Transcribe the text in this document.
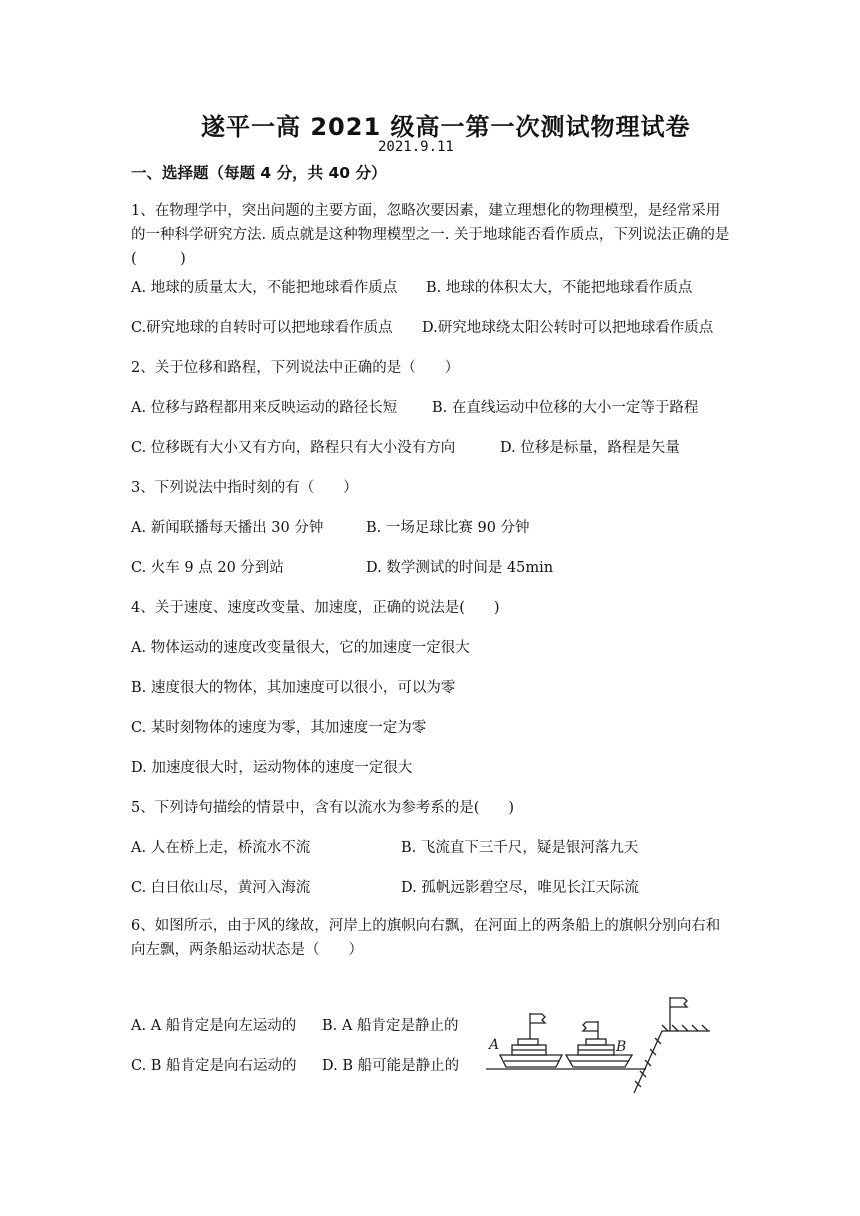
遂平一高 2021 级高一第一次测试物理试卷
2021.9.11
一、选择题（每题 4 分，共 40 分）
1、在物理学中，突出问题的主要方面，忽略次要因素，建立理想化的物理模型，是经常采用的一种科学研究方法. 质点就是这种物理模型之一. 关于地球能否看作质点，下列说法正确的是(　　　)
A. 地球的质量太大，不能把地球看作质点 B. 地球的体积太大，不能把地球看作质点
C.研究地球的自转时可以把地球看作质点 D.研究地球绕太阳公转时可以把地球看作质点
2、关于位移和路程，下列说法中正确的是（　　）
A. 位移与路程都用来反映运动的路径长短 B. 在直线运动中位移的大小一定等于路程
C. 位移既有大小又有方向，路程只有大小没有方向	D. 位移是标量，路程是矢量
3、下列说法中指时刻的有（　　）
A. 新闻联播每天播出 30 分钟	B. 一场足球比赛 90 分钟
C. 火车 9 点 20 分到站	D. 数学测试的时间是 45min
4、关于速度、速度改变量、加速度，正确的说法是(　　)
A. 物体运动的速度改变量很大，它的加速度一定很大
B. 速度很大的物体，其加速度可以很小，可以为零
C. 某时刻物体的速度为零，其加速度一定为零
D. 加速度很大时，运动物体的速度一定很大
5、下列诗句描绘的情景中，含有以流水为参考系的是(　　)
A. 人在桥上走，桥流水不流	B. 飞流直下三千尺，疑是银河落九天
C. 白日依山尽，黄河入海流	D. 孤帆远影碧空尽，唯见长江天际流
6、如图所示，由于风的缘故，河岸上的旗帜向右飘，在河面上的两条船上的旗帜分别向右和向左飘，两条船运动状态是（　　）
A. A 船肯定是向左运动的 B. A 船肯定是静止的
C. B 船肯定是向右运动的 D. B 船可能是静止的
A	B
